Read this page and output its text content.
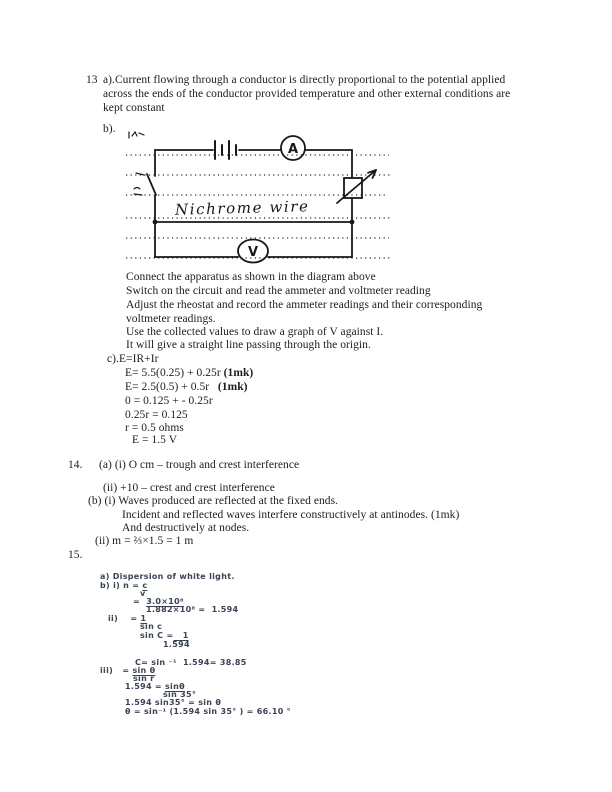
13 a).Current flowing through a conductor is directly proportional to the potential applied
across the ends of the conductor provided temperature and other external conditions are
kept constant
b).
A
V
Nichrome wire
Connect the apparatus as shown in the diagram above
Switch on the circuit and read the ammeter and voltmeter reading
Adjust the rheostat and record the ammeter readings and their corresponding
voltmeter readings.
Use the collected values to draw a graph of V against I.
It will give a straight line passing through the origin.
c).E=IR+Ir
E= 5.5(0.25) + 0.25r (1mk)
E= 2.5(0.5) + 0.5r   (1mk)
0 = 0.125 + - 0.25r
0.25r = 0.125
r = 0.5 ohms
E = 1.5 V
14. (a) (i) O cm – trough and crest interference
(ii) +10 – crest and crest interference
(b) (i) Waves produced are reflected at the fixed ends.
Incident and reflected waves interfere constructively at antinodes. (1mk)
And destructively at nodes.
(ii) m = ⅔×1.5 = 1 m
15.
a) Dispersion of white light.
b) i) n = c
v
=  3.0×10⁸
1.882×10⁸ =  1.594
ii)    = 1
sin c
sin C =   1
1.594
C= sin ⁻¹  1.594= 38.85
iii)   = sin θ
sin r
1.594 = sinθ
sin 35°
1.594 sin35° = sin θ
θ = sin⁻¹ (1.594 sin 35° ) = 66.10 °
